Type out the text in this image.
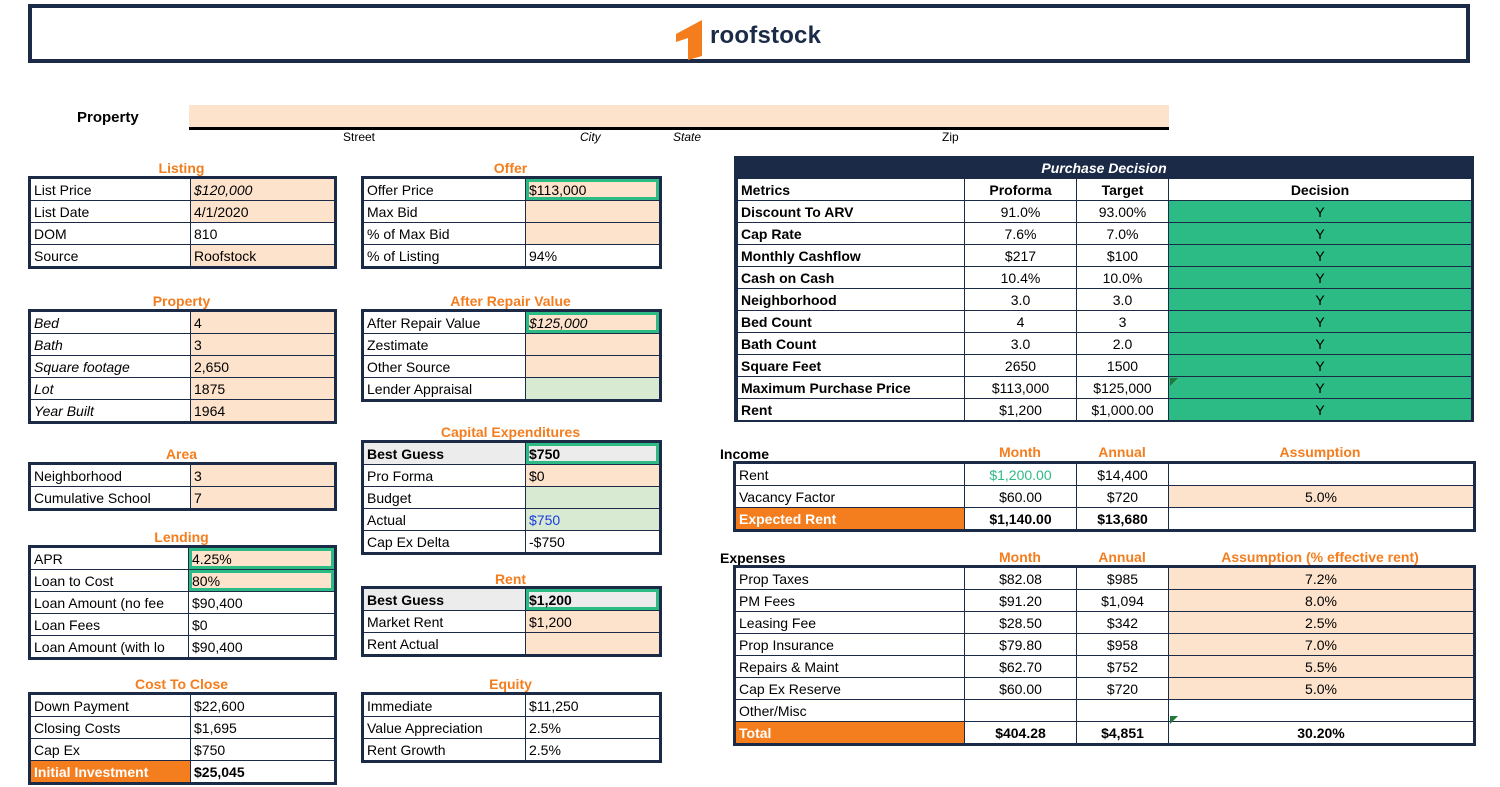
roofstock
Property
Street	City	State	Zip
Listing
List Price	$120,000
List Date	4/1/2020
DOM	810
Source	Roofstock
Offer
Offer Price	$113,000
Max Bid	
% of Max Bid	
% of Listing	94%
Property
Bed	4
Bath	3
Square footage	2,650
Lot	1875
Year Built	1964
After Repair Value
After Repair Value	$125,000
Zestimate	
Other Source	
Lender Appraisal	
Area
Neighborhood	3
Cumulative School	7
Capital Expenditures
Best Guess	$750
Pro Forma	$0
Budget	
Actual	$750
Cap Ex Delta	-$750
Lending
APR	4.25%
Loan to Cost	80%
Loan Amount (no fee	$90,400
Loan Fees	$0
Loan Amount (with lo	$90,400
Rent
Best Guess	$1,200
Market Rent	$1,200
Rent Actual	
Cost To Close
Down Payment	$22,600
Closing Costs	$1,695
Cap Ex	$750
Initial Investment	$25,045
Equity
Immediate	$11,250
Value Appreciation	2.5%
Rent Growth	2.5%
Purchase Decision
Metrics	Proforma	Target	Decision
Discount To ARV	91.0%	93.00%	Y
Cap Rate	7.6%	7.0%	Y
Monthly Cashflow	$217	$100	Y
Cash on Cash	10.4%	10.0%	Y
Neighborhood	3.0	3.0	Y
Bed Count	4	3	Y
Bath Count	3.0	2.0	Y
Square Feet	2650	1500	Y
Maximum Purchase Price	$113,000	$125,000	Y
Rent	$1,200	$1,000.00	Y
Income	Month	Annual	Assumption
Rent	$1,200.00	$14,400	
Vacancy Factor	$60.00	$720	5.0%
Expected Rent	$1,140.00	$13,680	
Expenses	Month	Annual	Assumption (% effective rent)
Prop Taxes	$82.08	$985	7.2%
PM Fees	$91.20	$1,094	8.0%
Leasing Fee	$28.50	$342	2.5%
Prop Insurance	$79.80	$958	7.0%
Repairs & Maint	$62.70	$752	5.5%
Cap Ex Reserve	$60.00	$720	5.0%
Other/Misc			
Total	$404.28	$4,851	30.20%
